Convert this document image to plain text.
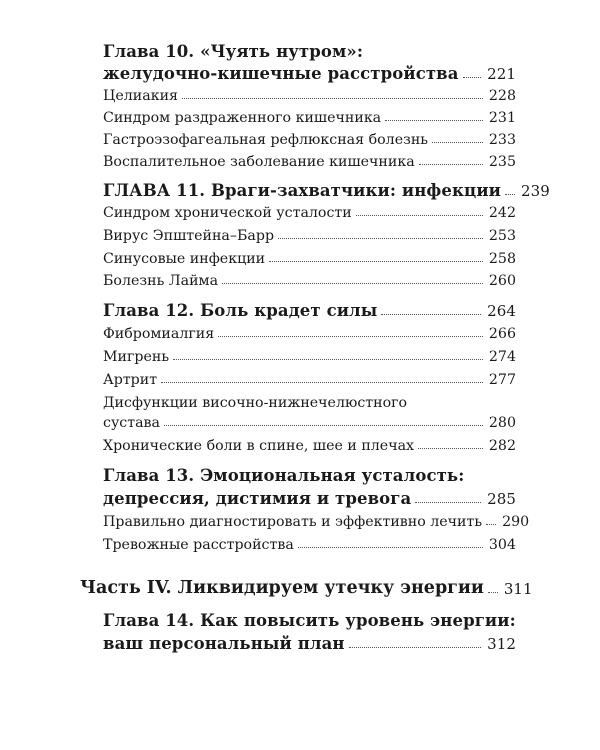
Глава 10. «Чуять нутром»:
желудочно-кишечные расстройства 221
Целиакия	228
Синдром раздраженного кишечника	231
Гастроэзофагеальная рефлюксная болезнь	233
Воспалительное заболевание кишечника	235
ГЛАВА 11. Враги-захватчики: инфекции 239
Синдром хронической усталости	242
Вирус Эпштейна–Барр	253
Синусовые инфекции	258
Болезнь Лайма	260
Глава 12. Боль крадет силы	264
Фибромиалгия	266
Мигрень	274
Артрит	277
Дисфункции височно-нижнечелюстного
сустава	280
Хронические боли в спине, шее и плечах	282
Глава 13. Эмоциональная усталость:
депрессия, дистимия и тревога	285
Правильно диагностировать и эффективно лечить 290
Тревожные расстройства	304
Часть IV. Ликвидируем утечку энергии 311
Глава 14. Как повысить уровень энергии:
ваш персональный план	312
